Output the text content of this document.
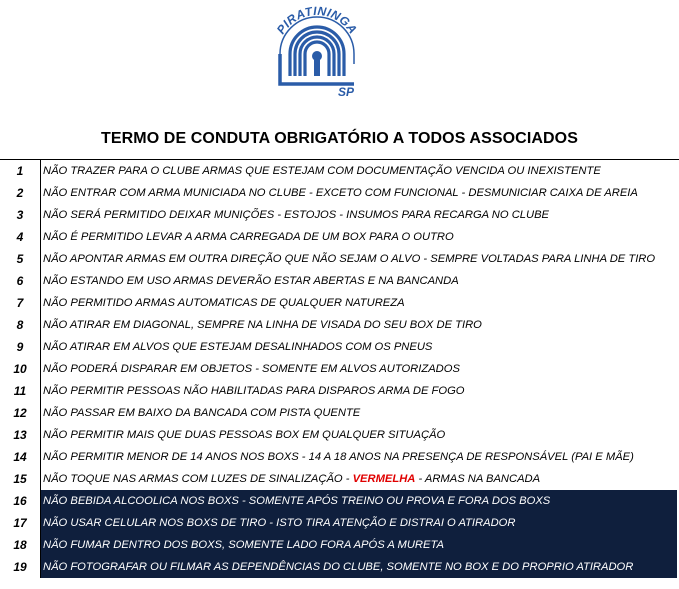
PIRATININGA
SP
TERMO DE CONDUTA OBRIGATÓRIO A TODOS ASSOCIADOS
1	NÃO TRAZER PARA O CLUBE ARMAS QUE ESTEJAM COM DOCUMENTAÇÃO VENCIDA OU INEXISTENTE
2	NÃO ENTRAR COM ARMA MUNICIADA NO CLUBE - EXCETO COM FUNCIONAL - DESMUNICIAR CAIXA DE AREIA
3	NÃO SERÁ PERMITIDO DEIXAR MUNIÇÕES - ESTOJOS - INSUMOS PARA RECARGA NO CLUBE
4	NÃO É PERMITIDO LEVAR A ARMA CARREGADA DE UM BOX PARA O OUTRO
5	NÃO APONTAR ARMAS EM OUTRA DIREÇÃO QUE NÃO SEJAM O ALVO - SEMPRE VOLTADAS PARA LINHA DE TIRO
6	NÃO ESTANDO EM USO ARMAS DEVERÃO ESTAR ABERTAS E NA BANCANDA
7	NÃO PERMITIDO ARMAS AUTOMATICAS DE QUALQUER NATUREZA
8	NÃO ATIRAR EM DIAGONAL, SEMPRE NA LINHA DE VISADA DO SEU BOX DE TIRO
9	NÃO ATIRAR EM ALVOS QUE ESTEJAM DESALINHADOS COM OS PNEUS
10	NÃO PODERÁ DISPARAR EM OBJETOS - SOMENTE EM ALVOS AUTORIZADOS
11	NÃO PERMITIR PESSOAS NÃO HABILITADAS PARA DISPAROS ARMA DE FOGO
12	NÃO PASSAR EM BAIXO DA BANCADA COM PISTA QUENTE
13	NÃO PERMITIR MAIS QUE DUAS PESSOAS BOX EM QUALQUER SITUAÇÃO
14	NÃO PERMITIR MENOR DE 14 ANOS NOS BOXS - 14 A 18 ANOS NA PRESENÇA DE RESPONSÁVEL (PAI E MÃE)
15	NÃO TOQUE NAS ARMAS COM LUZES DE SINALIZAÇÃO - VERMELHA - ARMAS NA BANCADA
16	NÃO BEBIDA ALCOOLICA NOS BOXS - SOMENTE APÓS TREINO OU PROVA E FORA DOS BOXS
17	NÃO USAR CELULAR NOS BOXS DE TIRO - ISTO TIRA ATENÇÃO E DISTRAI O ATIRADOR
18	NÃO FUMAR DENTRO DOS BOXS, SOMENTE LADO FORA APÓS A MURETA
19	NÃO FOTOGRAFAR OU FILMAR AS DEPENDÊNCIAS DO CLUBE, SOMENTE NO BOX E DO PROPRIO ATIRADOR
